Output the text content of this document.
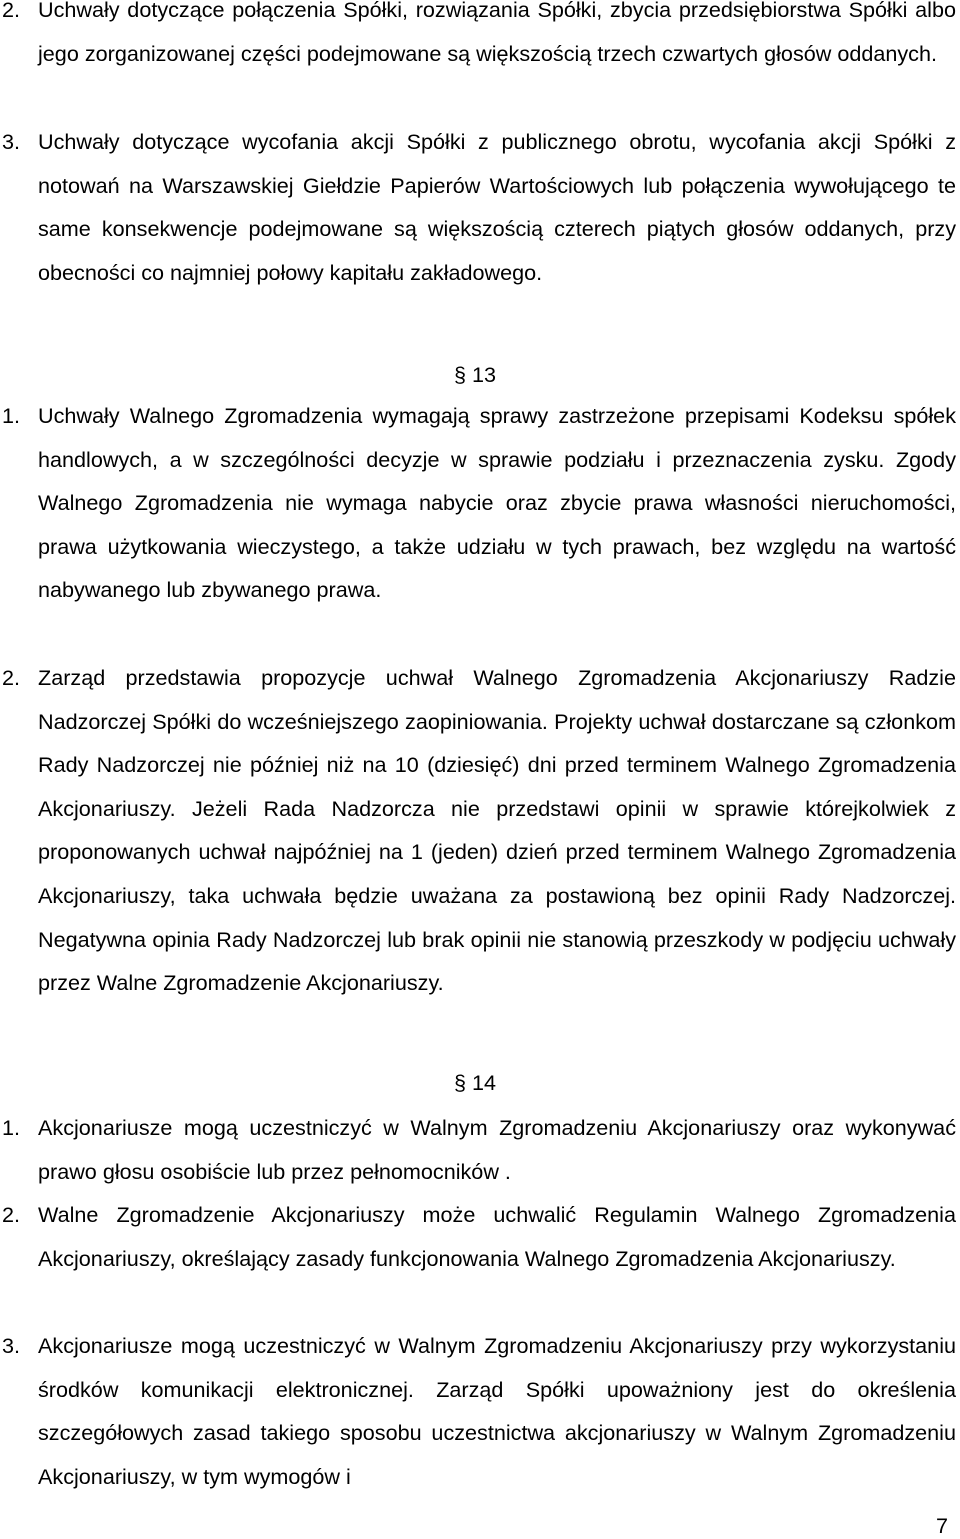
2. Uchwały dotyczące połączenia Spółki, rozwiązania Spółki, zbycia przedsiębiorstwa Spółki albo jego zorganizowanej części podejmowane są większością trzech czwartych głosów oddanych.
3. Uchwały dotyczące wycofania akcji Spółki z publicznego obrotu, wycofania akcji Spółki z notowań na Warszawskiej Giełdzie Papierów Wartościowych lub połączenia wywołującego te same konsekwencje podejmowane są większością czterech piątych głosów oddanych, przy obecności co najmniej połowy kapitału zakładowego.
§ 13
1. Uchwały Walnego Zgromadzenia wymagają sprawy zastrzeżone przepisami Kodeksu spółek handlowych, a w szczególności decyzje w sprawie podziału i przeznaczenia zysku. Zgody Walnego Zgromadzenia nie wymaga nabycie oraz zbycie prawa własności nieruchomości, prawa użytkowania wieczystego, a także udziału w tych prawach, bez względu na wartość nabywanego lub zbywanego prawa.
2. Zarząd przedstawia propozycje uchwał Walnego Zgromadzenia Akcjonariuszy Radzie Nadzorczej Spółki do wcześniejszego zaopiniowania. Projekty uchwał dostarczane są członkom Rady Nadzorczej nie później niż na 10 (dziesięć) dni przed terminem Walnego Zgromadzenia Akcjonariuszy. Jeżeli Rada Nadzorcza nie przedstawi opinii w sprawie którejkolwiek z proponowanych uchwał najpóźniej na 1 (jeden) dzień przed terminem Walnego Zgromadzenia Akcjonariuszy, taka uchwała będzie uważana za postawioną bez opinii Rady Nadzorczej. Negatywna opinia Rady Nadzorczej lub brak opinii nie stanowią przeszkody w podjęciu uchwały przez Walne Zgromadzenie Akcjonariuszy.
§ 14
1. Akcjonariusze mogą uczestniczyć w Walnym Zgromadzeniu Akcjonariuszy oraz wykonywać prawo głosu osobiście lub przez pełnomocników .
2. Walne Zgromadzenie Akcjonariuszy może uchwalić Regulamin Walnego Zgromadzenia Akcjonariuszy, określający zasady funkcjonowania Walnego Zgromadzenia Akcjonariuszy.
3. Akcjonariusze mogą uczestniczyć w Walnym Zgromadzeniu Akcjonariuszy przy wykorzystaniu środków komunikacji elektronicznej. Zarząd Spółki upoważniony jest do określenia szczegółowych zasad takiego sposobu uczestnictwa akcjonariuszy w Walnym Zgromadzeniu Akcjonariuszy, w tym wymogów i
7
